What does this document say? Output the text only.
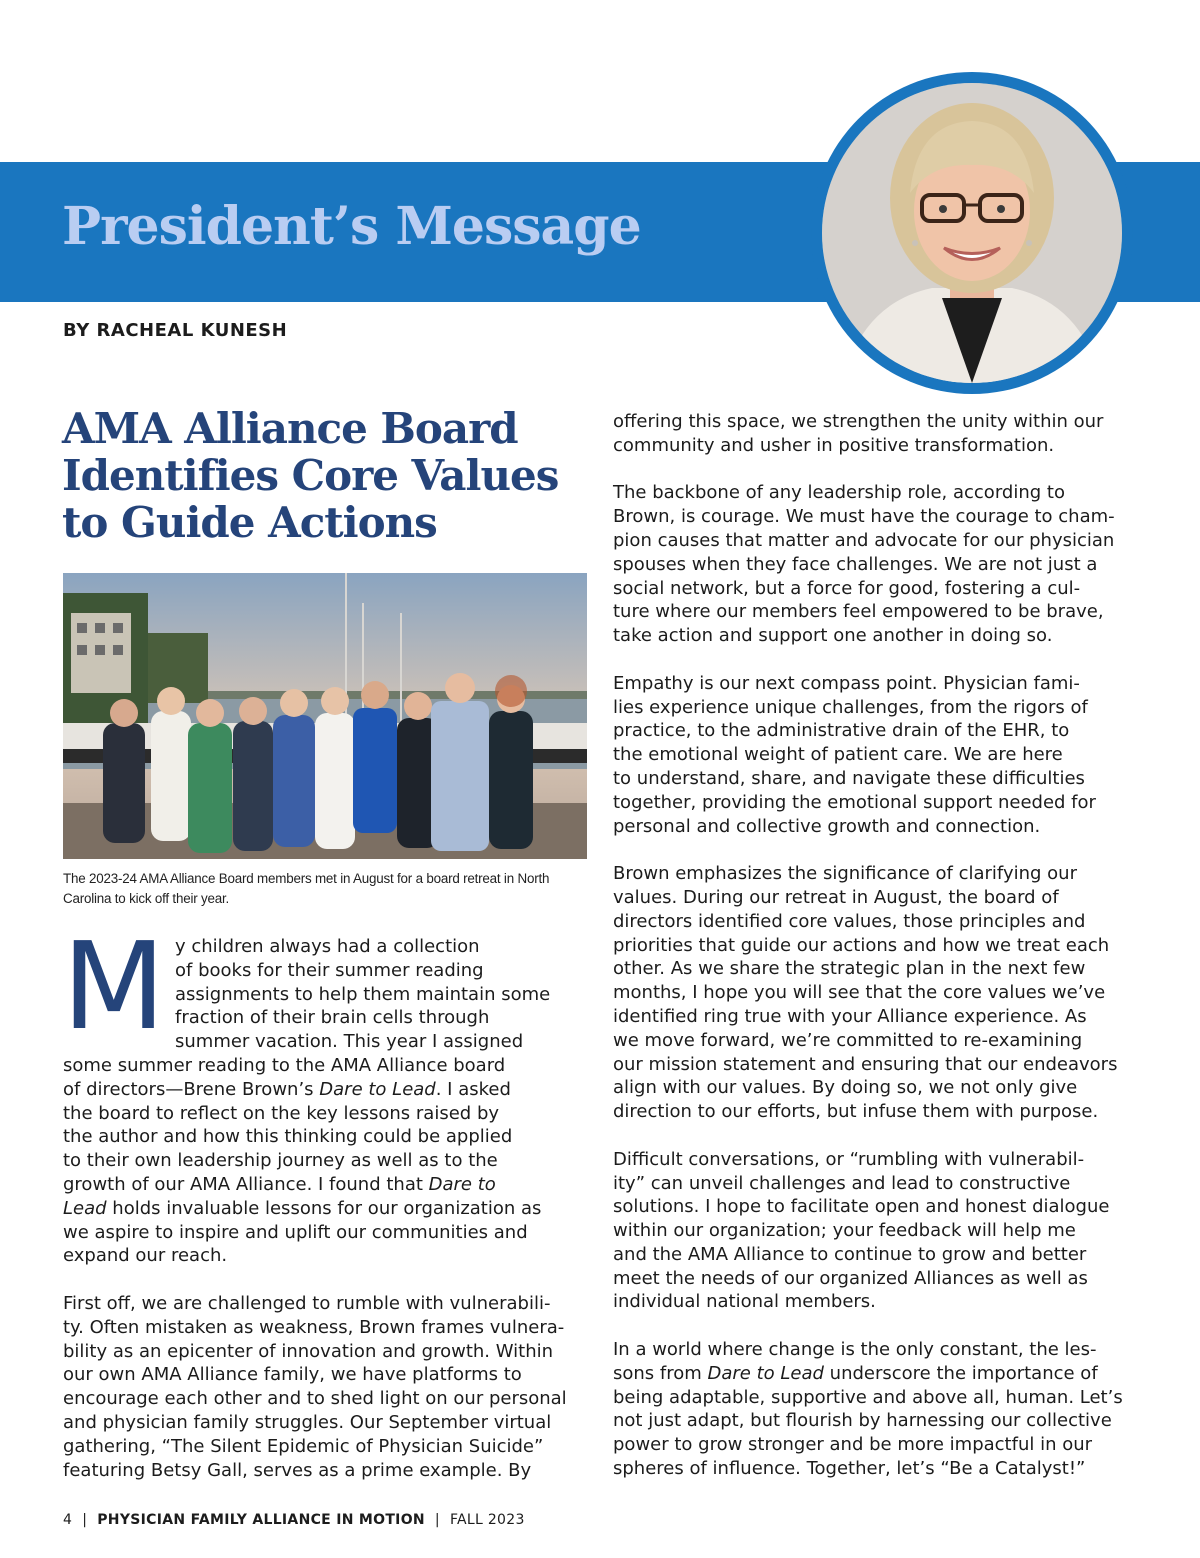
President’s Message

BY RACHEAL KUNESH

AMA Alliance Board
Identifies Core Values
to Guide Actions

The 2023-24 AMA Alliance Board members met in August for a board retreat in North
Carolina to kick off their year.

M y children always had a collection
of books for their summer reading
assignments to help them maintain some
fraction of their brain cells through
summer vacation. This year I assigned
some summer reading to the AMA Alliance board
of directors—Brene Brown’s Dare to Lead. I asked
the board to reflect on the key lessons raised by
the author and how this thinking could be applied
to their own leadership journey as well as to the
growth of our AMA Alliance. I found that Dare to
Lead holds invaluable lessons for our organization as
we aspire to inspire and uplift our communities and
expand our reach.

First off, we are challenged to rumble with vulnerabili-
ty. Often mistaken as weakness, Brown frames vulnera-
bility as an epicenter of innovation and growth. Within
our own AMA Alliance family, we have platforms to
encourage each other and to shed light on our personal
and physician family struggles. Our September virtual
gathering, “The Silent Epidemic of Physician Suicide”
featuring Betsy Gall, serves as a prime example. By

offering this space, we strengthen the unity within our
community and usher in positive transformation.

The backbone of any leadership role, according to
Brown, is courage. We must have the courage to cham-
pion causes that matter and advocate for our physician
spouses when they face challenges. We are not just a
social network, but a force for good, fostering a cul-
ture where our members feel empowered to be brave,
take action and support one another in doing so.

Empathy is our next compass point. Physician fami-
lies experience unique challenges, from the rigors of
practice, to the administrative drain of the EHR, to
the emotional weight of patient care. We are here
to understand, share, and navigate these difficulties
together, providing the emotional support needed for
personal and collective growth and connection.

Brown emphasizes the significance of clarifying our
values. During our retreat in August, the board of
directors identified core values, those principles and
priorities that guide our actions and how we treat each
other. As we share the strategic plan in the next few
months, I hope you will see that the core values we’ve
identified ring true with your Alliance experience. As
we move forward, we’re committed to re-examining
our mission statement and ensuring that our endeavors
align with our values. By doing so, we not only give
direction to our efforts, but infuse them with purpose.

Difficult conversations, or “rumbling with vulnerabil-
ity” can unveil challenges and lead to constructive
solutions. I hope to facilitate open and honest dialogue
within our organization; your feedback will help me
and the AMA Alliance to continue to grow and better
meet the needs of our organized Alliances as well as
individual national members.

In a world where change is the only constant, the les-
sons from Dare to Lead underscore the importance of
being adaptable, supportive and above all, human. Let’s
not just adapt, but flourish by harnessing our collective
power to grow stronger and be more impactful in our
spheres of influence. Together, let’s “Be a Catalyst!”

4 | PHYSICIAN FAMILY ALLIANCE IN MOTION | FALL 2023
